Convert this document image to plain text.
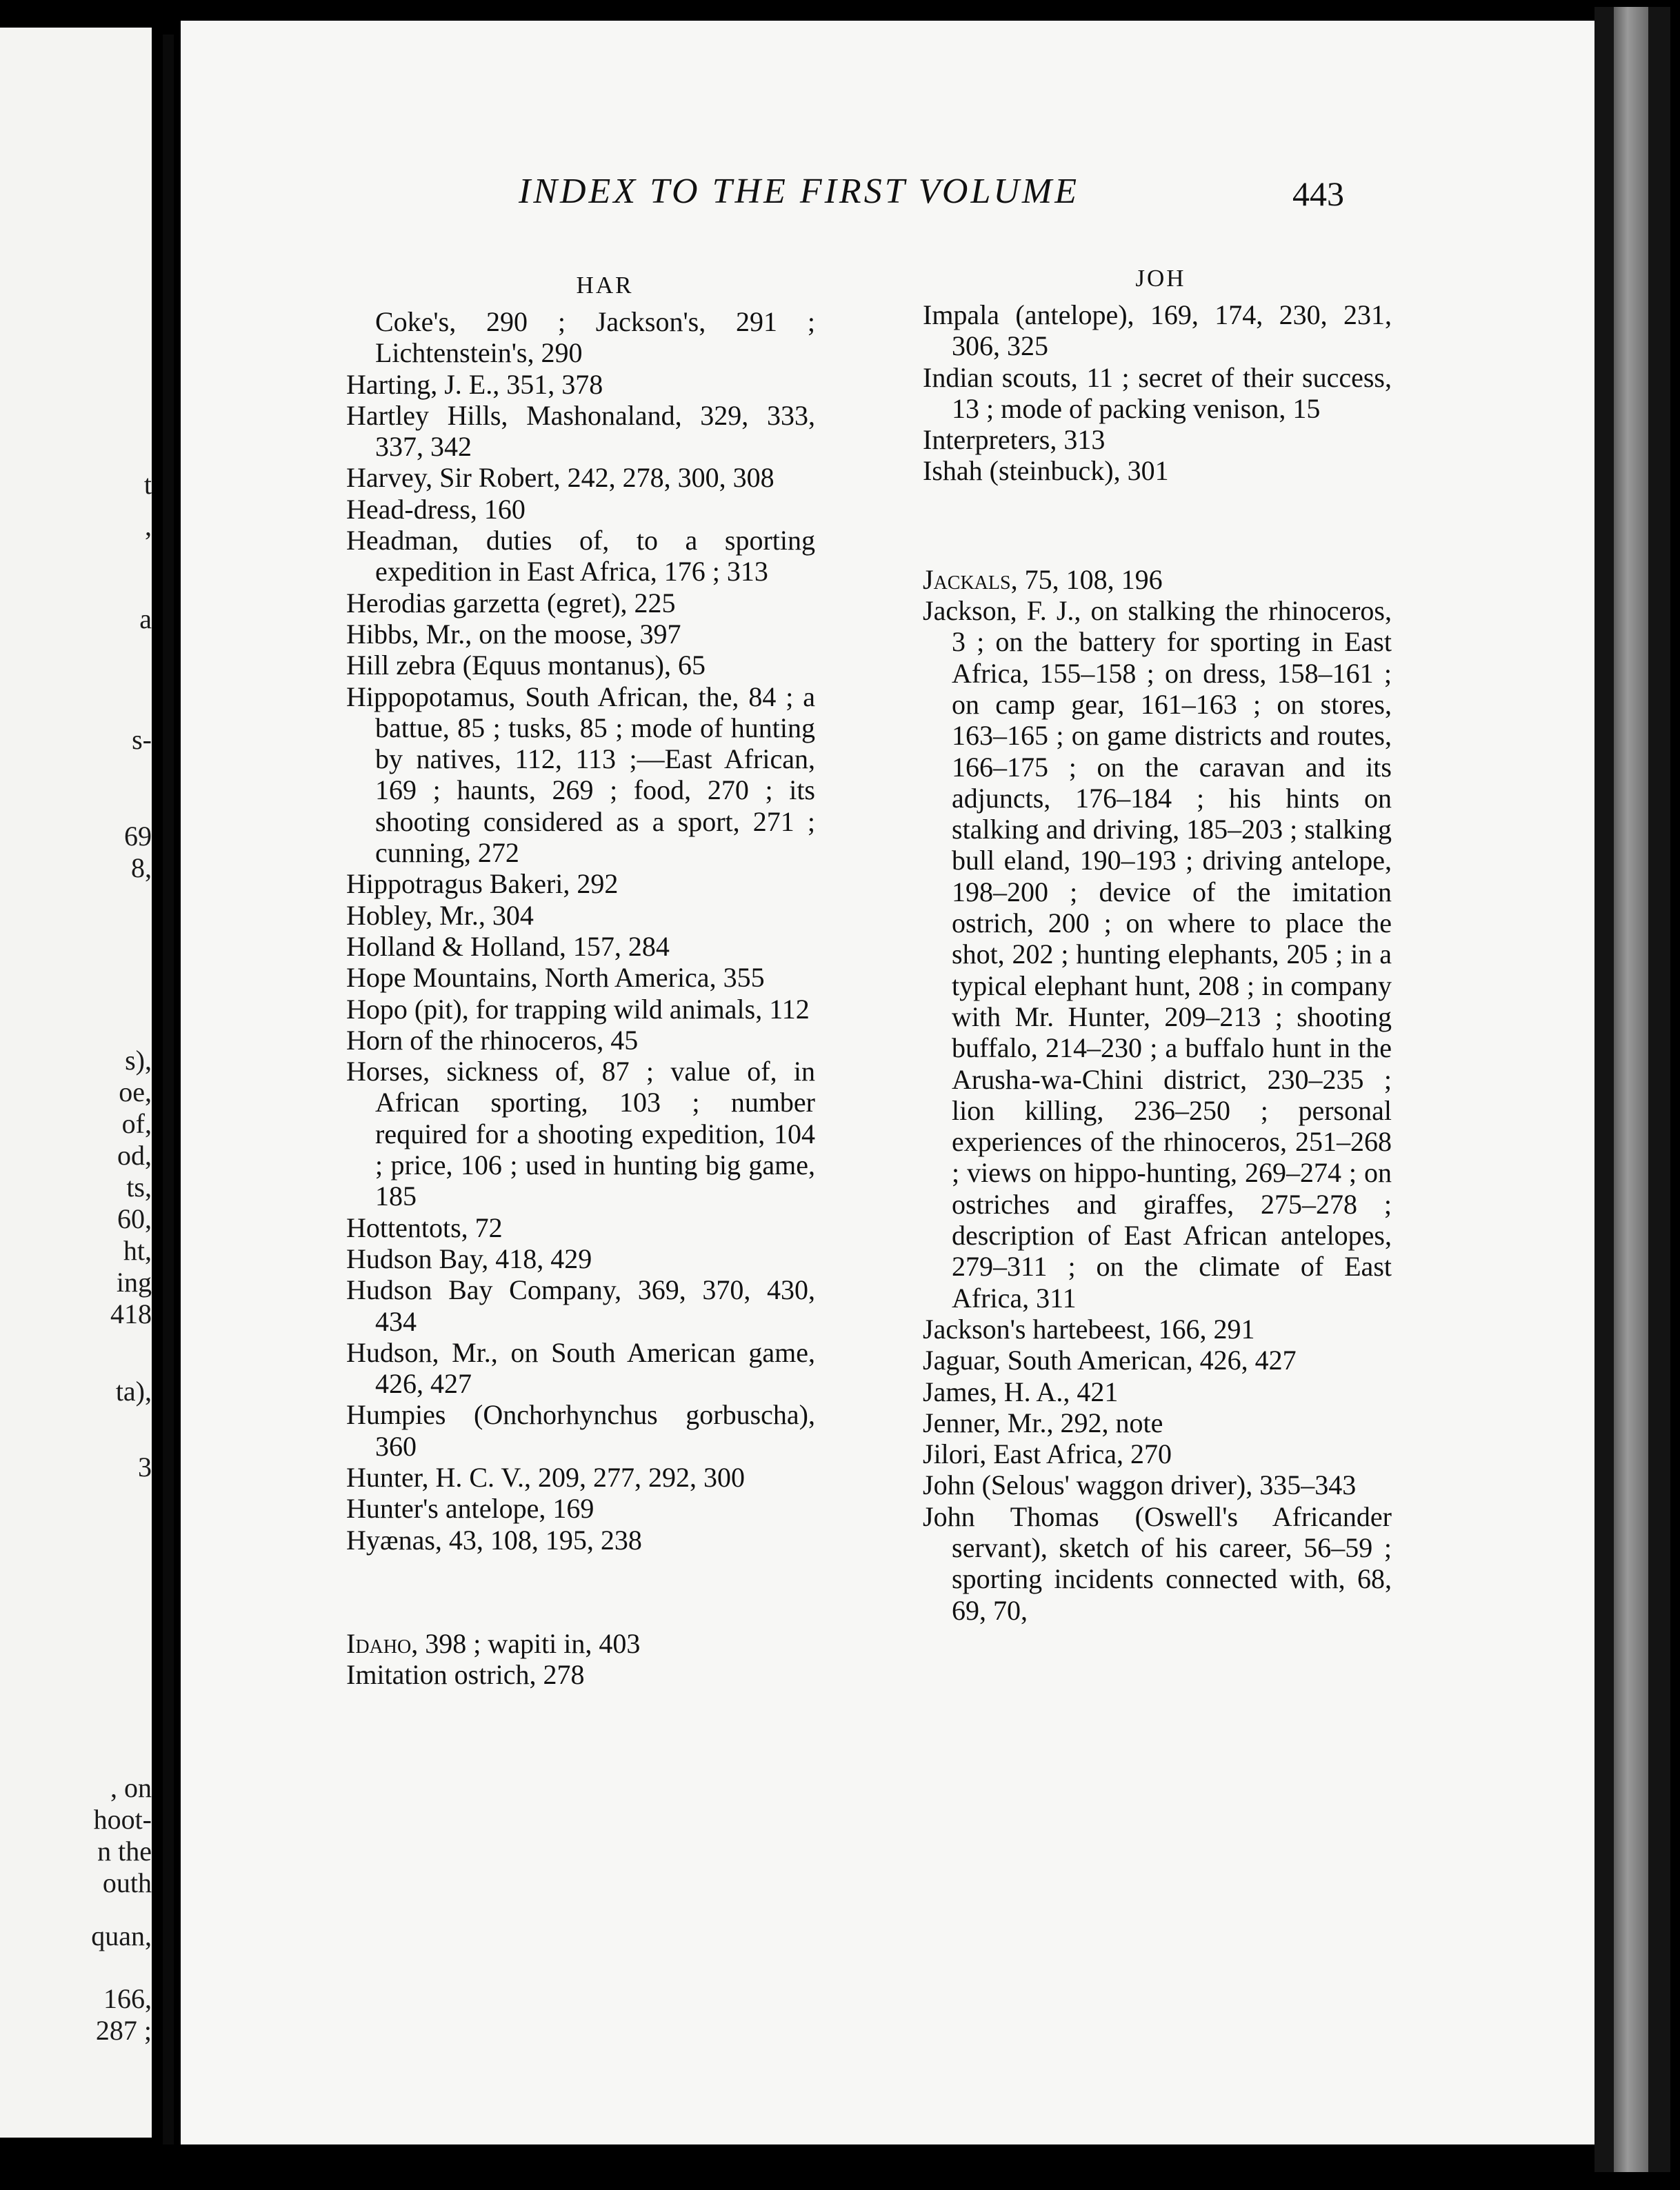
t

,

a

s-

69

8,

s),

oe,

of,

od,

ts,

60,

ht,

ing

418

ta),

3

, on

hoot-

n the

outh

quan,

166,

287 ;

INDEX TO THE FIRST VOLUME	443

HAR

Coke's, 290 ; Jackson's, 291 ; Lichtenstein's, 290
Harting, J. E., 351, 378
Hartley Hills, Mashonaland, 329, 333, 337, 342
Harvey, Sir Robert, 242, 278, 300, 308
Head-dress, 160
Headman, duties of, to a sporting expedition in East Africa, 176 ; 313
Herodias garzetta (egret), 225
Hibbs, Mr., on the moose, 397
Hill zebra (Equus montanus), 65
Hippopotamus, South African, the, 84 ; a battue, 85 ; tusks, 85 ; mode of hunting by natives, 112, 113 ;—East African, 169 ; haunts, 269 ; food, 270 ; its shooting considered as a sport, 271 ; cunning, 272
Hippotragus Bakeri, 292
Hobley, Mr., 304
Holland & Holland, 157, 284
Hope Mountains, North America, 355
Hopo (pit), for trapping wild animals, 112
Horn of the rhinoceros, 45
Horses, sickness of, 87 ; value of, in African sporting, 103 ; number required for a shooting expedition, 104 ; price, 106 ; used in hunting big game, 185
Hottentots, 72
Hudson Bay, 418, 429
Hudson Bay Company, 369, 370, 430, 434
Hudson, Mr., on South American game, 426, 427
Humpies (Onchorhynchus gorbuscha), 360
Hunter, H. C. V., 209, 277, 292, 300
Hunter's antelope, 169
Hyænas, 43, 108, 195, 238
Idaho, 398 ; wapiti in, 403
Imitation ostrich, 278

JOH

Impala (antelope), 169, 174, 230, 231, 306, 325
Indian scouts, 11 ; secret of their success, 13 ; mode of packing venison, 15
Interpreters, 313
Ishah (steinbuck), 301
Jackals, 75, 108, 196
Jackson, F. J., on stalking the rhinoceros, 3 ; on the battery for sporting in East Africa, 155–158 ; on dress, 158–161 ; on camp gear, 161–163 ; on stores, 163–165 ; on game districts and routes, 166–175 ; on the caravan and its adjuncts, 176–184 ; his hints on stalking and driving, 185–203 ; stalking bull eland, 190–193 ; driving antelope, 198–200 ; device of the imitation ostrich, 200 ; on where to place the shot, 202 ; hunting elephants, 205 ; in a typical elephant hunt, 208 ; in company with Mr. Hunter, 209–213 ; shooting buffalo, 214–230 ; a buffalo hunt in the Arusha-wa-Chini district, 230–235 ; lion killing, 236–250 ; personal experiences of the rhinoceros, 251–268 ; views on hippo-hunting, 269–274 ; on ostriches and giraffes, 275–278 ; description of East African antelopes, 279–311 ; on the climate of East Africa, 311
Jackson's hartebeest, 166, 291
Jaguar, South American, 426, 427
James, H. A., 421
Jenner, Mr., 292, note
Jilori, East Africa, 270
John (Selous' waggon driver), 335–343
John Thomas (Oswell's Africander servant), sketch of his career, 56–59 ; sporting incidents connected with, 68, 69, 70,
